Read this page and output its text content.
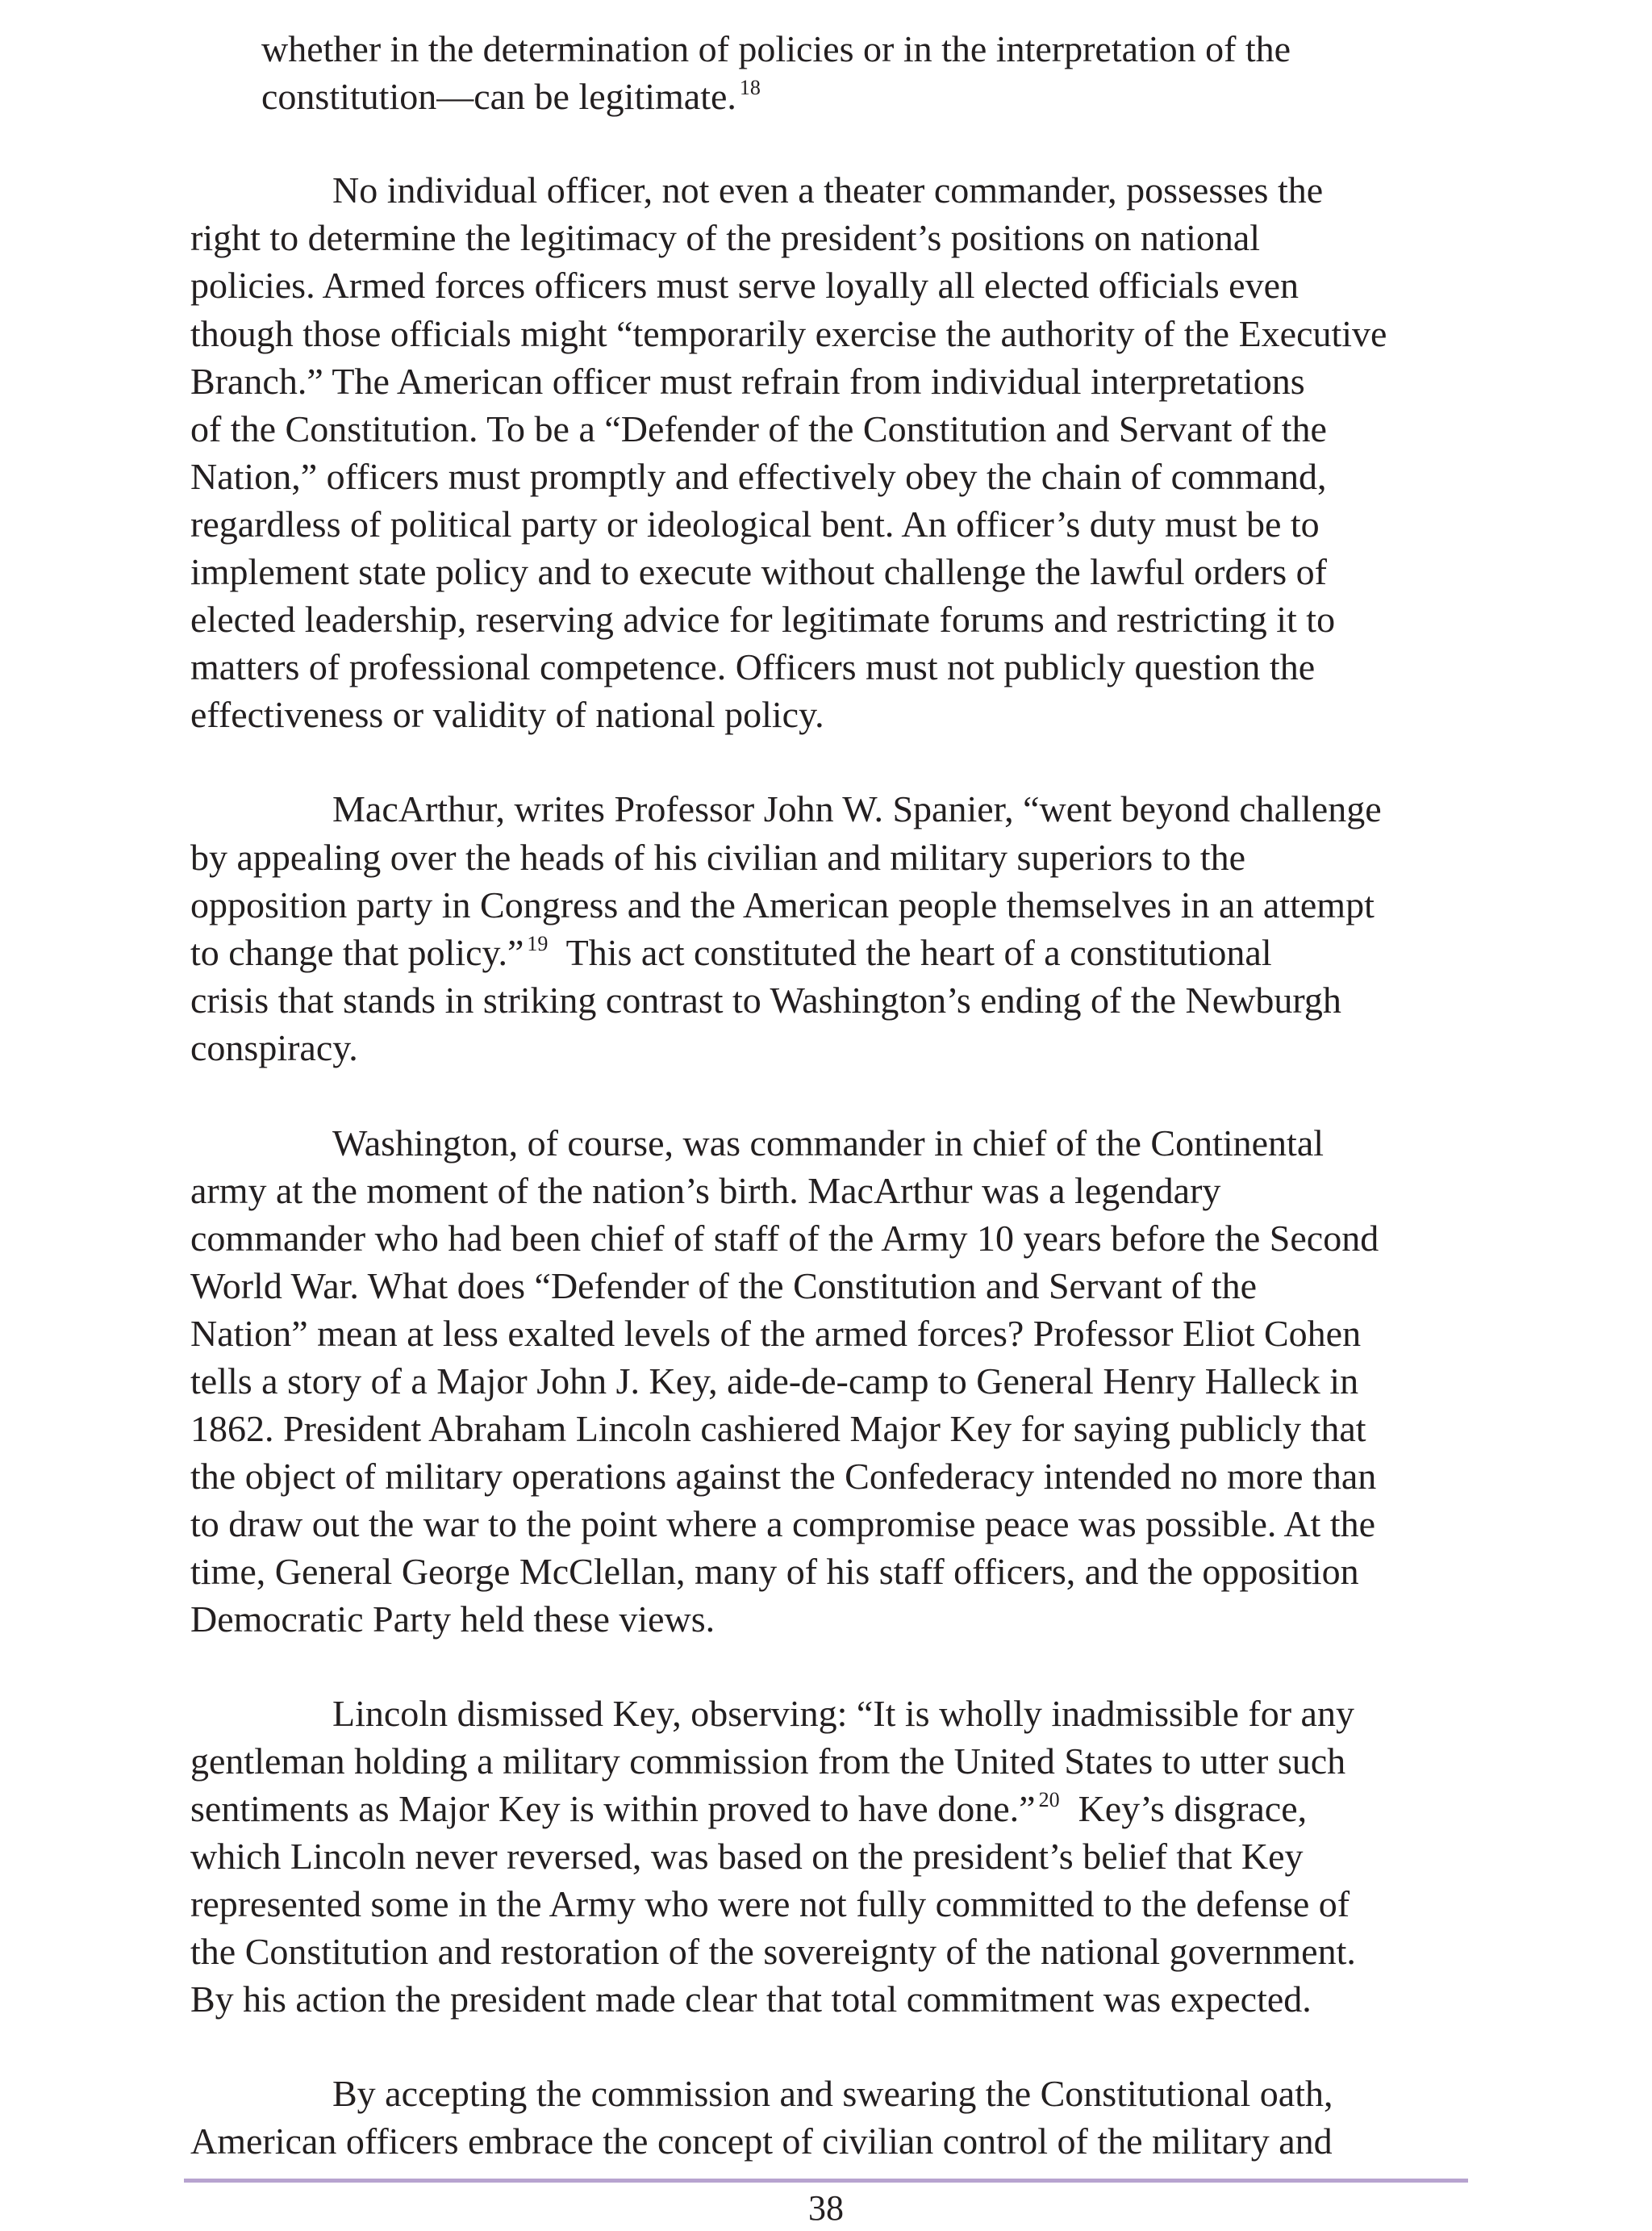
whether in the determination of policies or in the interpretation of the
constitution—can be legitimate. $^{18}$
No individual officer, not even a theater commander, possesses the
right to determine the legitimacy of the president’s positions on national
policies. Armed forces officers must serve loyally all elected officials even
though those officials might “temporarily exercise the authority of the Executive
Branch.” The American officer must refrain from individual interpretations
of the Constitution. To be a “Defender of the Constitution and Servant of the
Nation,” officers must promptly and effectively obey the chain of command,
regardless of political party or ideological bent. An officer’s duty must be to
implement state policy and to execute without challenge the lawful orders of
elected leadership, reserving advice for legitimate forums and restricting it to
matters of professional competence. Officers must not publicly question the
effectiveness or validity of national policy.
MacArthur, writes Professor John W. Spanier, “went beyond challenge
by appealing over the heads of his civilian and military superiors to the
opposition party in Congress and the American people themselves in an attempt
to change that policy.” $^{19}$  This act constituted the heart of a constitutional
crisis that stands in striking contrast to Washington’s ending of the Newburgh
conspiracy.
Washington, of course, was commander in chief of the Continental
army at the moment of the nation’s birth. MacArthur was a legendary
commander who had been chief of staff of the Army 10 years before the Second
World War. What does “Defender of the Constitution and Servant of the
Nation” mean at less exalted levels of the armed forces? Professor Eliot Cohen
tells a story of a Major John J. Key, aide-de-camp to General Henry Halleck in
1862. President Abraham Lincoln cashiered Major Key for saying publicly that
the object of military operations against the Confederacy intended no more than
to draw out the war to the point where a compromise peace was possible. At the
time, General George McClellan, many of his staff officers, and the opposition
Democratic Party held these views.
Lincoln dismissed Key, observing: “It is wholly inadmissible for any
gentleman holding a military commission from the United States to utter such
sentiments as Major Key is within proved to have done.” $^{20}$  Key’s disgrace,
which Lincoln never reversed, was based on the president’s belief that Key
represented some in the Army who were not fully committed to the defense of
the Constitution and restoration of the sovereignty of the national government.
By his action the president made clear that total commitment was expected.
By accepting the commission and swearing the Constitutional oath,
American officers embrace the concept of civilian control of the military and
38
